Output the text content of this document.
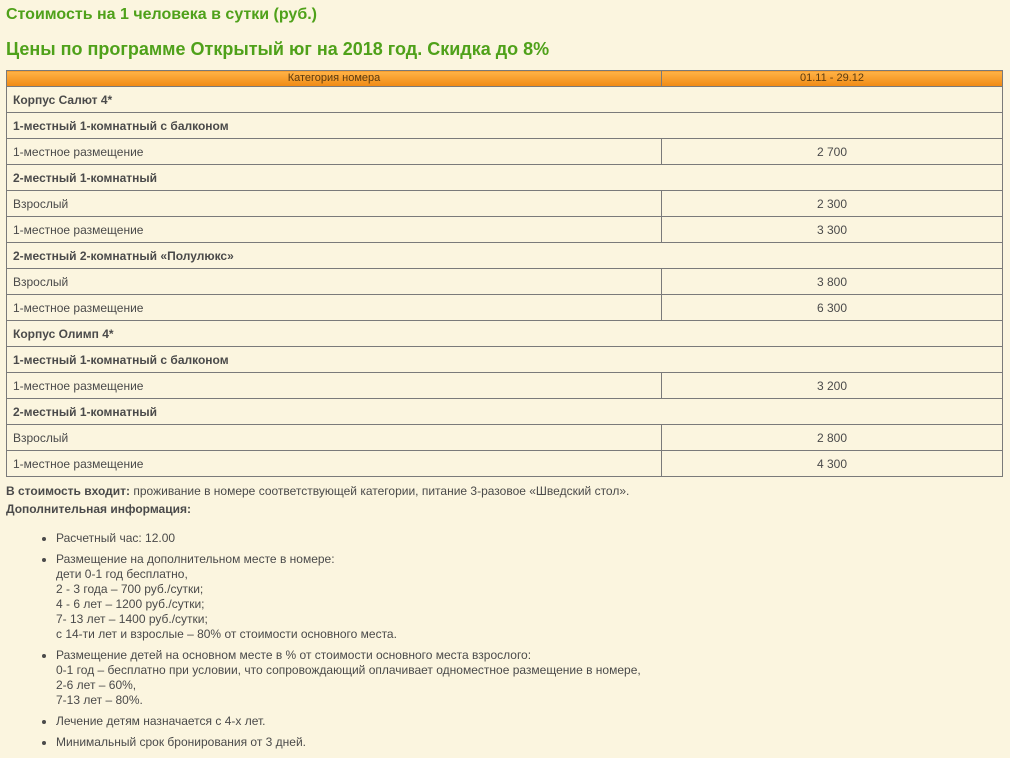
Стоимость на 1 человека в сутки (руб.)
Цены по программе Открытый юг на 2018 год. Скидка до 8%
Категория номера	01.11 - 29.12
Корпус Салют 4*	
1-местный 1-комнатный с балконом	
1-местное размещение	2 700
2-местный 1-комнатный	
Взрослый	2 300
1-местное размещение	3 300
2-местный 2-комнатный «Полулюкс»	
Взрослый	3 800
1-местное размещение	6 300
Корпус Олимп 4*	
1-местный 1-комнатный с балконом	
1-местное размещение	3 200
2-местный 1-комнатный	
Взрослый	2 800
1-местное размещение	4 300
В стоимость входит: проживание в номере соответствующей категории, питание 3-разовое «Шведский стол».
Дополнительная информация:
• Расчетный час: 12.00
• Размещение на дополнительном месте в номере:
дети 0-1 год бесплатно,
2 - 3 года – 700 руб./сутки;
4 - 6 лет – 1200 руб./сутки;
7- 13 лет – 1400 руб./сутки;
с 14-ти лет и взрослые – 80% от стоимости основного места.
• Размещение детей на основном месте в % от стоимости основного места взрослого:
0-1 год – бесплатно при условии, что сопровождающий оплачивает одноместное размещение в номере,
2-6 лет – 60%,
7-13 лет – 80%.
• Лечение детям назначается с 4-х лет.
• Минимальный срок бронирования от 3 дней.
